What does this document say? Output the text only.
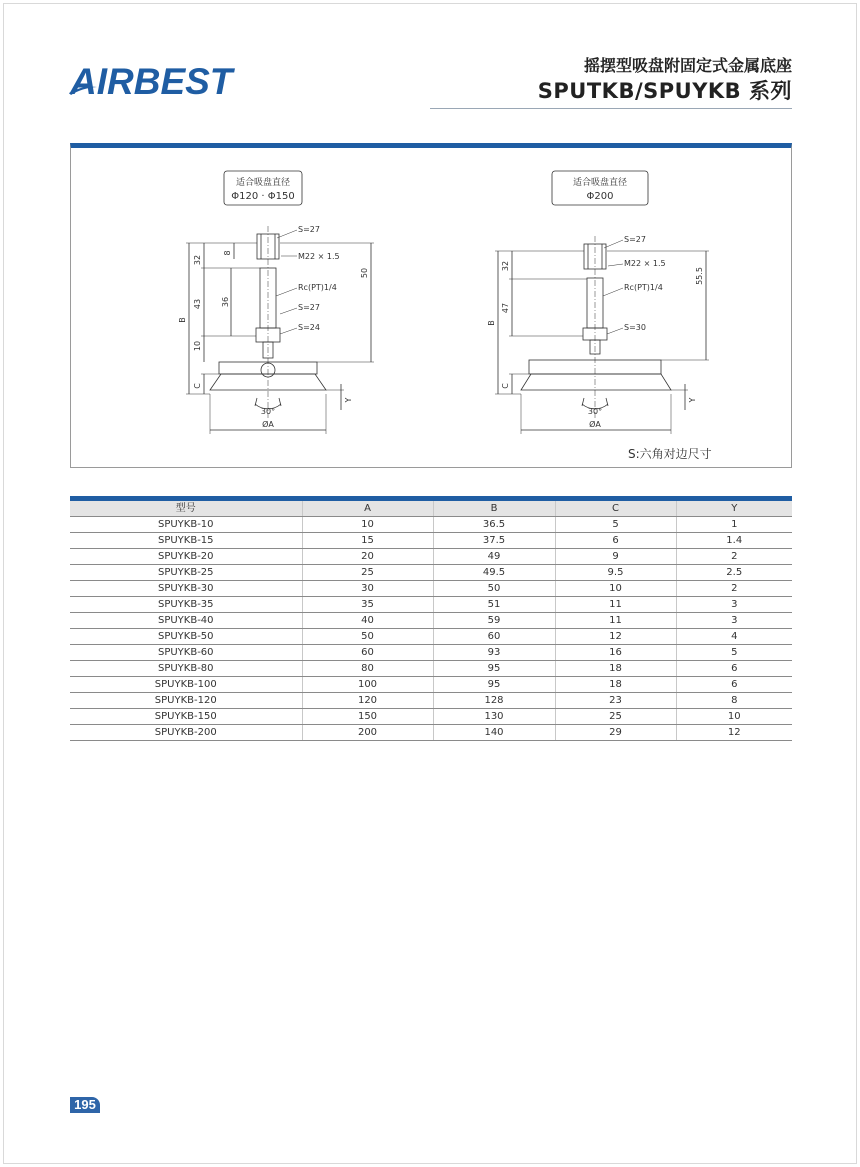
AIRBEST	摇摆型吸盘附固定式金属底座
SPUTKB/SPUYKB 系列
适合吸盘直径
Φ120 · Φ150
S=27
M22 × 1.5
Rc(PT)1/4
S=27
S=24
32
8
43 36
10
50
B
C
Y
30°
ØA
适合吸盘直径
Φ200
S=27
M22 × 1.5
Rc(PT)1/4
S=30
32
47
55.5
B
C
Y
30°
ØA
S:六角对边尺寸
型号	A	B	C	Y
SPUYKB-10	10	36.5	5	1
SPUYKB-15	15	37.5	6	1.4
SPUYKB-20	20	49	9	2
SPUYKB-25	25	49.5	9.5	2.5
SPUYKB-30	30	50	10	2
SPUYKB-35	35	51	11	3
SPUYKB-40	40	59	11	3
SPUYKB-50	50	60	12	4
SPUYKB-60	60	93	16	5
SPUYKB-80	80	95	18	6
SPUYKB-100	100	95	18	6
SPUYKB-120	120	128	23	8
SPUYKB-150	150	130	25	10
SPUYKB-200	200	140	29	12
195
